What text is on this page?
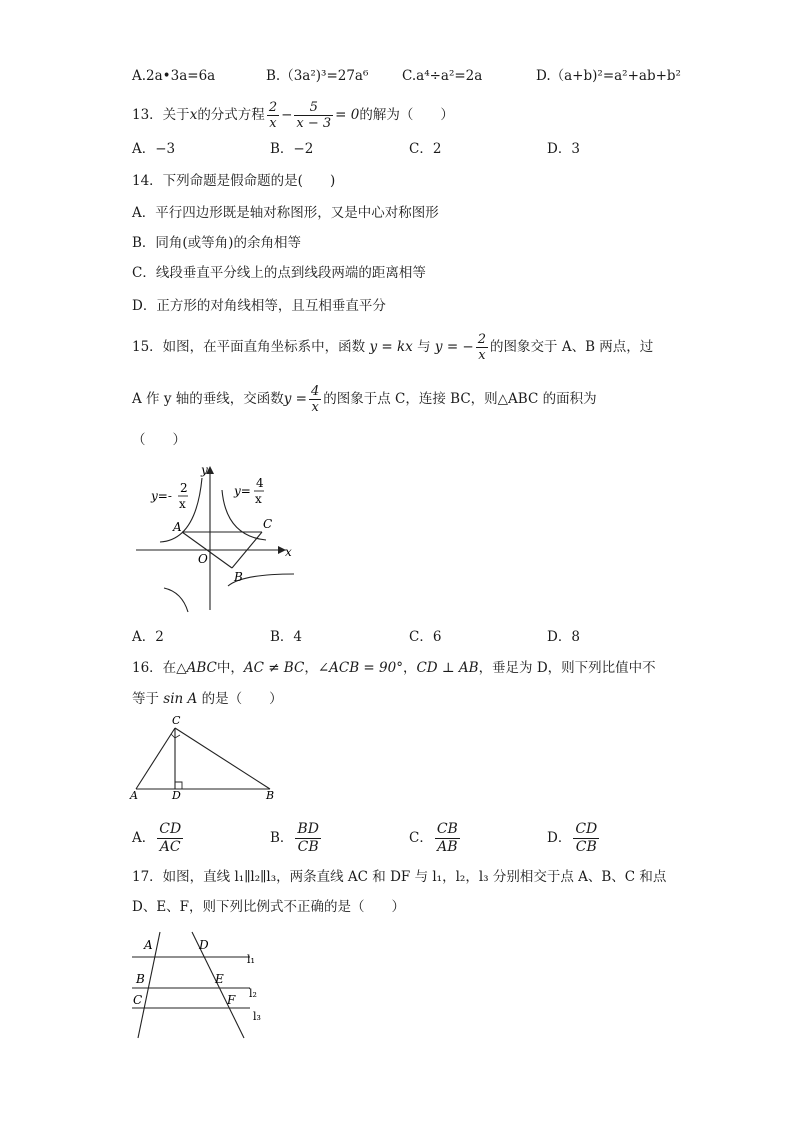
A.2a•3a=6a	B.（3a²)³=27a⁶ C.a⁴÷a²=2a	D.（a+b)²=a²+ab+b²
13．关于x的分式方程 $\frac{2}{x} - \frac{5}{x - 3} = 0$的解为（　　）
A．−3	B．−2	C．2	D．3
14．下列命题是假命题的是(　　)
A．平行四边形既是轴对称图形，又是中心对称图形
B．同角(或等角)的余角相等
C．线段垂直平分线上的点到线段两端的距离相等
D．正方形的对角线相等，且互相垂直平分
15．如图，在平面直角坐标系中，函数 y = kx 与 y = − $\frac{2}{x}$ 的图象交于 A、B 两点，过
A 作 y 轴的垂线，交函数$y = \frac{4}{x}$ 的图象于点 C，连接 BC，则△ABC 的面积为
（　　）
y=-
2
x
y=
4
x
y
x
O
A
B
C
A．2	B．4	C．6	D．8
16．在△ABC中，AC ≠ BC，∠ACB = 90°，CD ⊥ AB，垂足为 D，则下列比值中不
等于 sin A 的是（　　）
C
A	D	B
A． $\frac{CD}{AC}$	B． $\frac{BD}{CB}$	C． $\frac{CB}{AB}$	D． $\frac{CD}{CB}$
17．如图，直线 l₁∥l₂∥l₃，两条直线 AC 和 DF 与 l₁，l₂，l₃ 分别相交于点 A、B、C 和点
D、E、F，则下列比例式不正确的是（　　）
A	D
B	E
C	F
l₁
l₂
l₃
